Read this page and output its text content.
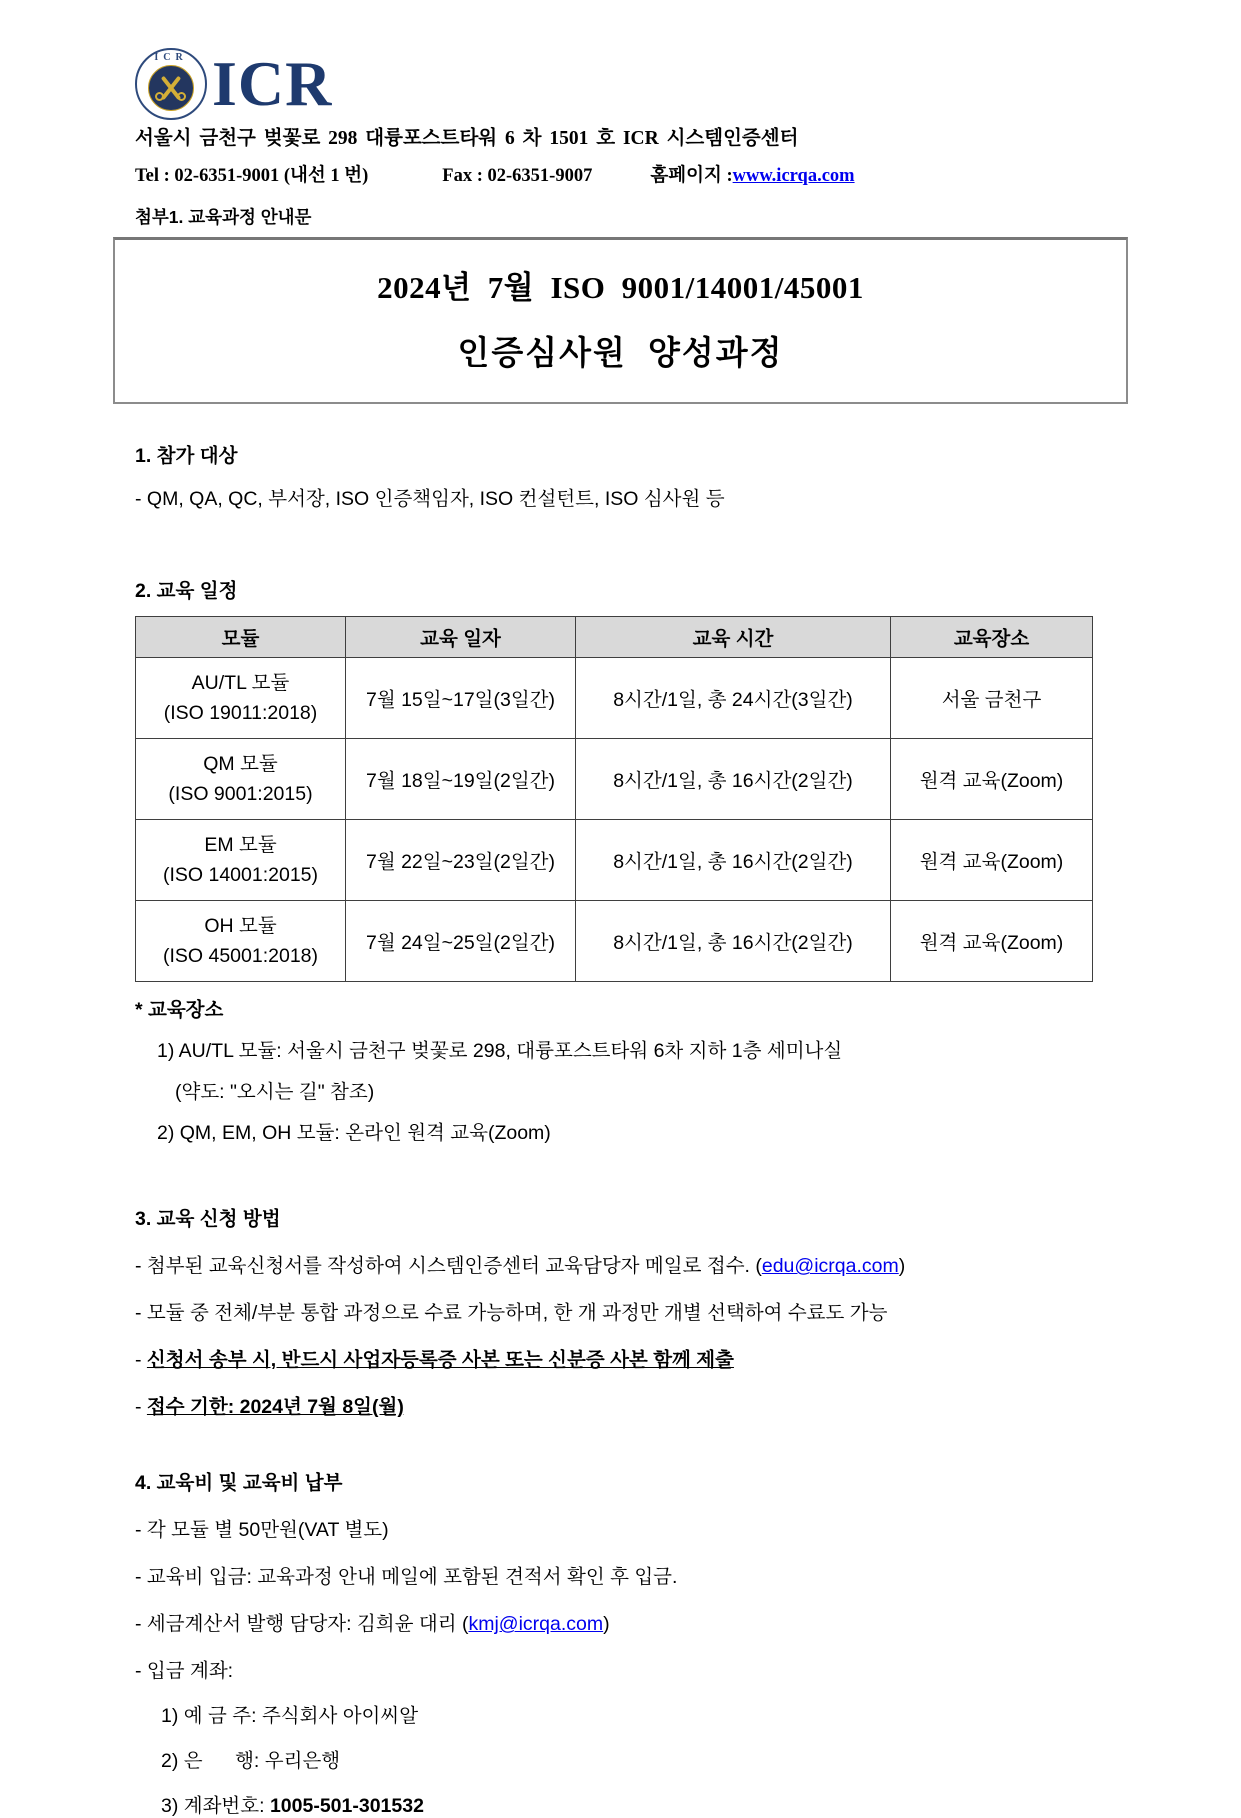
ICR ICR
서울시 금천구 벚꽃로 298 대륭포스트타워 6 차 1501 호 ICR 시스템인증센터
Tel : 02-6351-9001 (내선 1 번)	Fax : 02-6351-9007	홈페이지 : www.icrqa.com
첨부1. 교육과정 안내문
2024년 7월 ISO 9001/14001/45001
인증심사원 양성과정
1. 참가 대상
- QM, QA, QC, 부서장, ISO 인증책임자, ISO 컨설턴트, ISO 심사원 등
2. 교육 일정
모듈	교육 일자	교육 시간	교육장소

AU/TL 모듈
(ISO 19011:2018)	7월 15일~17일(3일간)	8시간/1일, 총 24시간(3일간)	서울 금천구

QM 모듈
(ISO 9001:2015)	7월 18일~19일(2일간)	8시간/1일, 총 16시간(2일간)	원격 교육(Zoom)

EM 모듈
(ISO 14001:2015)	7월 22일~23일(2일간)	8시간/1일, 총 16시간(2일간)	원격 교육(Zoom)

OH 모듈
(ISO 45001:2018)	7월 24일~25일(2일간)	8시간/1일, 총 16시간(2일간)	원격 교육(Zoom)
* 교육장소
1) AU/TL 모듈: 서울시 금천구 벚꽃로 298, 대륭포스트타워 6차 지하 1층 세미나실
(약도: "오시는 길" 참조)
2) QM, EM, OH 모듈: 온라인 원격 교육(Zoom)
3. 교육 신청 방법
- 첨부된 교육신청서를 작성하여 시스템인증센터 교육담당자 메일로 접수. (edu@icrqa.com)
- 모듈 중 전체/부분 통합 과정으로 수료 가능하며, 한 개 과정만 개별 선택하여 수료도 가능
- 신청서 송부 시, 반드시 사업자등록증 사본 또는 신분증 사본 함께 제출
- 접수 기한: 2024년 7월 8일(월)
4. 교육비 및 교육비 납부
- 각 모듈 별 50만원(VAT 별도)
- 교육비 입금: 교육과정 안내 메일에 포함된 견적서 확인 후 입금.
- 세금계산서 발행 담당자: 김희윤 대리 (kmj@icrqa.com)
- 입금 계좌:
1) 예 금 주: 주식회사 아이씨알
2) 은      행: 우리은행
3) 계좌번호: 1005-501-301532
